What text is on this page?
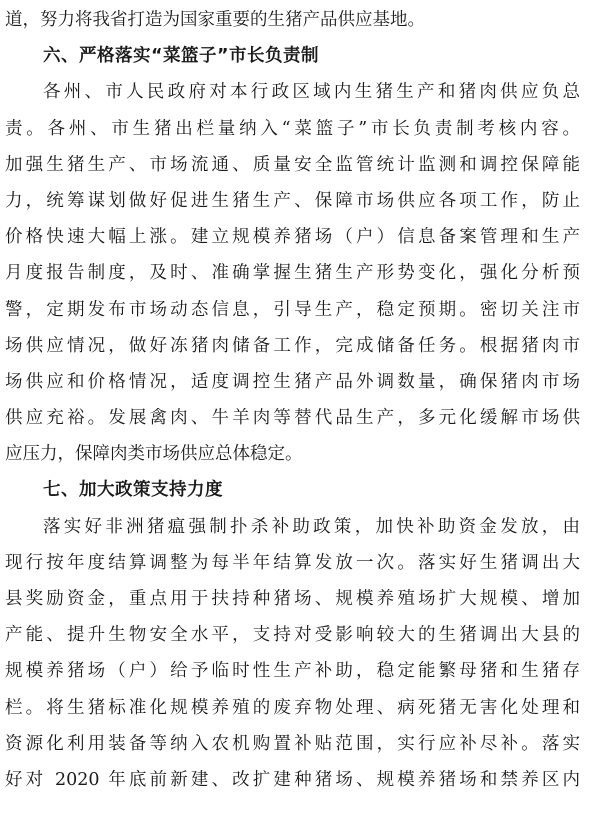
道，努力将我省打造为国家重要的生猪产品供应基地。
六、严格落实“菜篮子”市长负责制
各州、市人民政府对本行政区域内生猪生产和猪肉供应负总
责。各州、市生猪出栏量纳入“菜篮子”市长负责制考核内容。
加强生猪生产、市场流通、质量安全监管统计监测和调控保障能
力，统筹谋划做好促进生猪生产、保障市场供应各项工作，防止
价格快速大幅上涨。建立规模养猪场（户）信息备案管理和生产
月度报告制度，及时、准确掌握生猪生产形势变化，强化分析预
警，定期发布市场动态信息，引导生产，稳定预期。密切关注市
场供应情况，做好冻猪肉储备工作，完成储备任务。根据猪肉市
场供应和价格情况，适度调控生猪产品外调数量，确保猪肉市场
供应充裕。发展禽肉、牛羊肉等替代品生产，多元化缓解市场供
应压力，保障肉类市场供应总体稳定。
七、加大政策支持力度
落实好非洲猪瘟强制扑杀补助政策，加快补助资金发放，由
现行按年度结算调整为每半年结算发放一次。落实好生猪调出大
县奖励资金，重点用于扶持种猪场、规模养殖场扩大规模、增加
产能、提升生物安全水平，支持对受影响较大的生猪调出大县的
规模养猪场（户）给予临时性生产补助，稳定能繁母猪和生猪存
栏。将生猪标准化规模养殖的废弃物处理、病死猪无害化处理和
资源化利用装备等纳入农机购置补贴范围，实行应补尽补。落实
好对 2020 年底前新建、改扩建种猪场、规模养猪场和禁养区内
